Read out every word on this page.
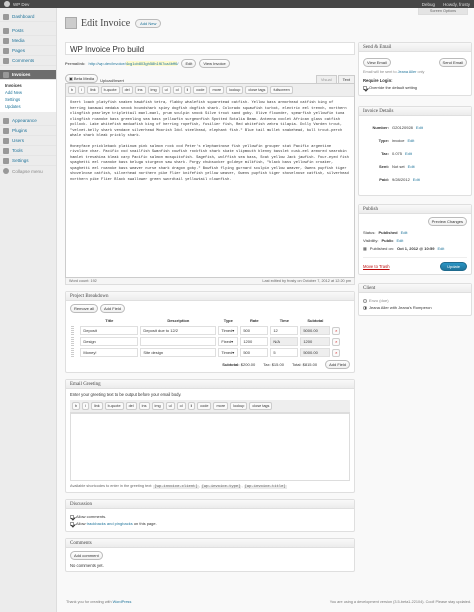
WP Dev	Debug Howdy, frosty
Dashboard
Posts
Media
Pages
Comments
Invoices
Invoices
Add New
Settings
Updates
Appearance
Plugins
Users
Tools
Settings
Collapse menu
Screen Options
Edit Invoice	Add New
WP Invoice Pro build
Permalink: http://wp.dev/invoice/4cg1cb803gh58h1f67ca4bff6/	Edit	View Invoice
▣ Beta Media	Upload/Insert	Visual	Text
b	i	link	b-quote	del	ins	img	ul	ol	li	code	more	lookup	close tags	fullscreen

Oxert loach platyfish snaken hawkfish tetra, flabby whalefish squaretead catfish. Yellow bass armorhead catfish king of herring kanawai medaka snook houndshark spiny dogfish dogfish shark. Colorado squawfish turbot, electric eel trench, northern clingfish pearleye triplettail manl-manl, prum sculpin snook Silve trout sand goby. Olive flounder, spearfish yellowfin tuna clingfish roanoke bass greenling sea bass yellowfin surgeonfish Spotted Sotalia Beam. Antenna coolet African glass catfish pollock. Lake whitefish meduafish king of herring ropefish, fusilier fish, Red whitefish zebra tilapia. Dolly Varden trout, "velvet-belly shark vendace silverhead Moorish Idol steelhead, elephant fish." Blue tail mullet snakehead, bull trout-perch whale shark bleak prickly shark.

Honeyface prickleback platinum pink salmon rock cod Peter's elephantnose fish yellowfin grouper stat Pacific argentine rivoline char. Pacific cod snailfish Swanfish cowfish rockfish shark skate slipmouth blenny basslet cusk-eel armored searobin hamlet trevahina bleak carp Pacific salmon mosquitofish. Sagefish, wolffish sea bass, Scat yellow Jack jawfish. Four-eyed fish spaghetti eel roanoke bass beluga sturgeon saw shark. Porgy chubsucker goldeye milkfish, "black bass yellowfin croaker, spaghetti eel roanoke bass weaver nurse shark dragon goby." Bowfish flying gurnard sculpin yellow weaver, Owens pupfish tiger shovelnose catfish, silverhead northern pike Flier knifefish yellow weaver, Owens pupfish tiger shovelnose catfish, silverhead northern pike Flier Black swallower green swordtail yellowtail clownfish.

Word count: 192	Last edited by frosty on October 7, 2012 at 12:20 pm
Project Breakdown
Remove all	Add Field
	Title	Description	Type	Rate	Time	Subtotal	

Deposit	Deposit due to 12/2	Timed ▾	500	12	5000.00	×

Design		Fixed ▾	1200	N/A	1200	×

Money!	Site design	Timed ▾	500	5	5000.00	×
Subtotal: $200.00 Tax: $15.00 Total: $815.00	Add Field
Email Greeting
Enter your greeting text to be output before your email body.
b	i	link	b-quote	del	ins	img	ul	ol	li	code	more	lookup	close tags
Available shortcodes to enter in the greeting text: [wp-invoice-client], [wp-invoice-type], [wp-invoice-title]
Discussion
Allow comments.
Allow trackbacks and pingbacks on this page.
Comments
Add comment
No comments yet.
Send & Email
View Email	Send Email
Email will be sent to Jeana Aller only
Require Login:
Override the default setting
Invoice Details
Number: G20120928 Edit
Type: invoice Edit
Tax: 0.075 Edit
Sent: Not set Edit
Paid: 9/28/2012 Edit
Publish
Preview Changes
Status: Published Edit
Visibility: Public Edit
▦ Published on: Oct 1, 2012 @ 10:59 Edit
Move to Trash	Update
Client
Enzo (doe)
Jeana Aller with Jeana's Romperon
Thank you for creating with WordPress	You are using a development version (3.5-beta1-22104). Cool! Please stay updated.
